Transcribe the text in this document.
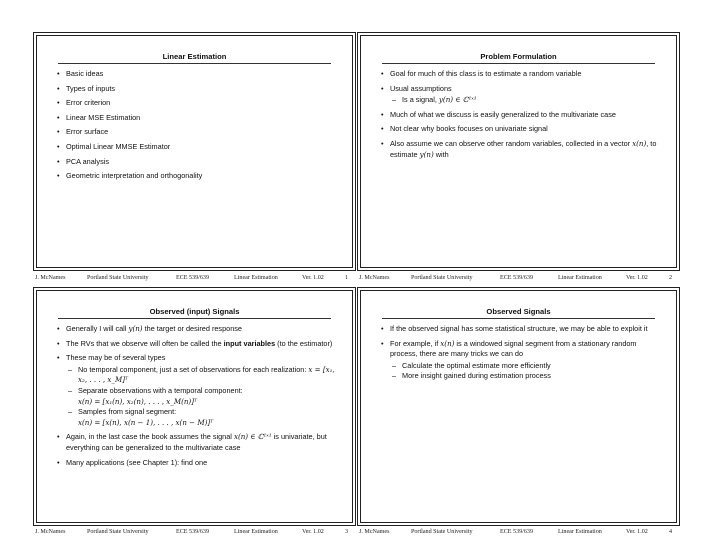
Linear Estimation
• Basic ideas
• Types of inputs
• Error criterion
• Linear MSE Estimation
• Error surface
• Optimal Linear MMSE Estimator
• PCA analysis
• Geometric interpretation and orthogonality
Problem Formulation
• Goal for much of this class is to estimate a random variable
• Usual assumptions
– Is a signal, y(n) ∈ ℂ¹ˣ¹
• Much of what we discuss is easily generalized to the multivariate case
• Not clear why books focuses on univariate signal
• Also assume we can observe other random variables, collected in a vector x(n), to estimate y(n) with
Observed (input) Signals
• Generally I will call y(n) the target or desired response
• The RVs that we observe will often be called the input variables (to the estimator)
• These may be of several types
– No temporal component, just a set of observations for each realization: x = [x₁, x₂, . . . , x_M]ᵀ
– Separate observations with a temporal component:
x(n) = [x₁(n), x₂(n), . . . , x_M(n)]ᵀ
– Samples from signal segment:
x(n) = [x(n), x(n − 1), . . . , x(n − M)]ᵀ
• Again, in the last case the book assumes the signal x(n) ∈ ℂ¹ˣ¹ is univariate, but everything can be generalized to the multivariate case
• Many applications (see Chapter 1): find one
Observed Signals
• If the observed signal has some statistical structure, we may be able to exploit it
• For example, if x(n) is a windowed signal segment from a stationary random process, there are many tricks we can do
– Calculate the optimal estimate more efficiently
– More insight gained during estimation process
J. McNames	Portland State University	ECE 539/639	Linear Estimation	Ver. 1.02	1 J. McNames	Portland State University	ECE 539/639	Linear Estimation	Ver. 1.02	2
J. McNames	Portland State University	ECE 539/639	Linear Estimation	Ver. 1.02	3 J. McNames	Portland State University	ECE 539/639	Linear Estimation	Ver. 1.02	4
